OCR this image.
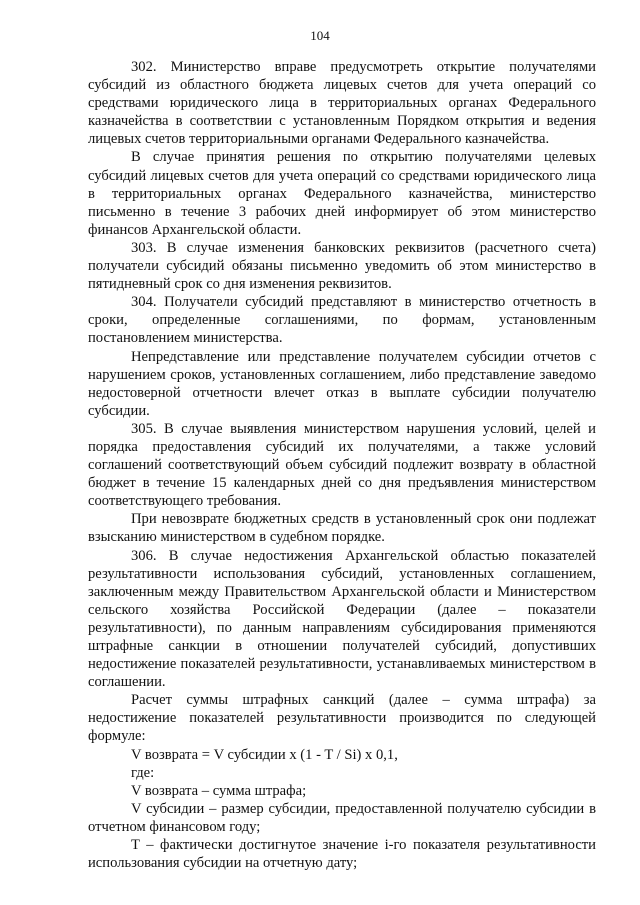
104

302. Министерство вправе предусмотреть открытие получателями субсидий из областного бюджета лицевых счетов для учета операций со средствами юридического лица в территориальных органах Федерального казначейства в соответствии с установленным Порядком открытия и ведения лицевых счетов территориальными органами Федерального казначейства.

В случае принятия решения по открытию получателями целевых субсидий лицевых счетов для учета операций со средствами юридического лица в территориальных органах Федерального казначейства, министерство письменно в течение 3 рабочих дней информирует об этом министерство финансов Архангельской области.

303. В случае изменения банковских реквизитов (расчетного счета) получатели субсидий обязаны письменно уведомить об этом министерство в пятидневный срок со дня изменения реквизитов.

304. Получатели субсидий представляют в министерство отчетность в сроки, определенные соглашениями, по формам, установленным постановлением министерства.

Непредставление или представление получателем субсидии отчетов с нарушением сроков, установленных соглашением, либо представление заведомо недостоверной отчетности влечет отказ в выплате субсидии получателю субсидии.

305. В случае выявления министерством нарушения условий, целей и порядка предоставления субсидий их получателями, а также условий соглашений соответствующий объем субсидий подлежит возврату в областной бюджет в течение 15 календарных дней со дня предъявления министерством соответствующего требования.

При невозврате бюджетных средств в установленный срок они подлежат взысканию министерством в судебном порядке.

306. В случае недостижения Архангельской областью показателей результативности использования субсидий, установленных соглашением, заключенным между Правительством Архангельской области и Министерством сельского хозяйства Российской Федерации (далее – показатели результативности), по данным направлениям субсидирования применяются штрафные санкции в отношении получателей субсидий, допустивших недостижение показателей результативности, устанавливаемых министерством в соглашении.

Расчет суммы штрафных санкций (далее – сумма штрафа) за недостижение показателей результативности производится по следующей формуле:

V возврата = V субсидии x (1 - T / Si) x 0,1,

где:

V возврата – сумма штрафа;

V субсидии – размер субсидии, предоставленной получателю субсидии в отчетном финансовом году;

T – фактически достигнутое значение i-го показателя результативности использования субсидии на отчетную дату;
